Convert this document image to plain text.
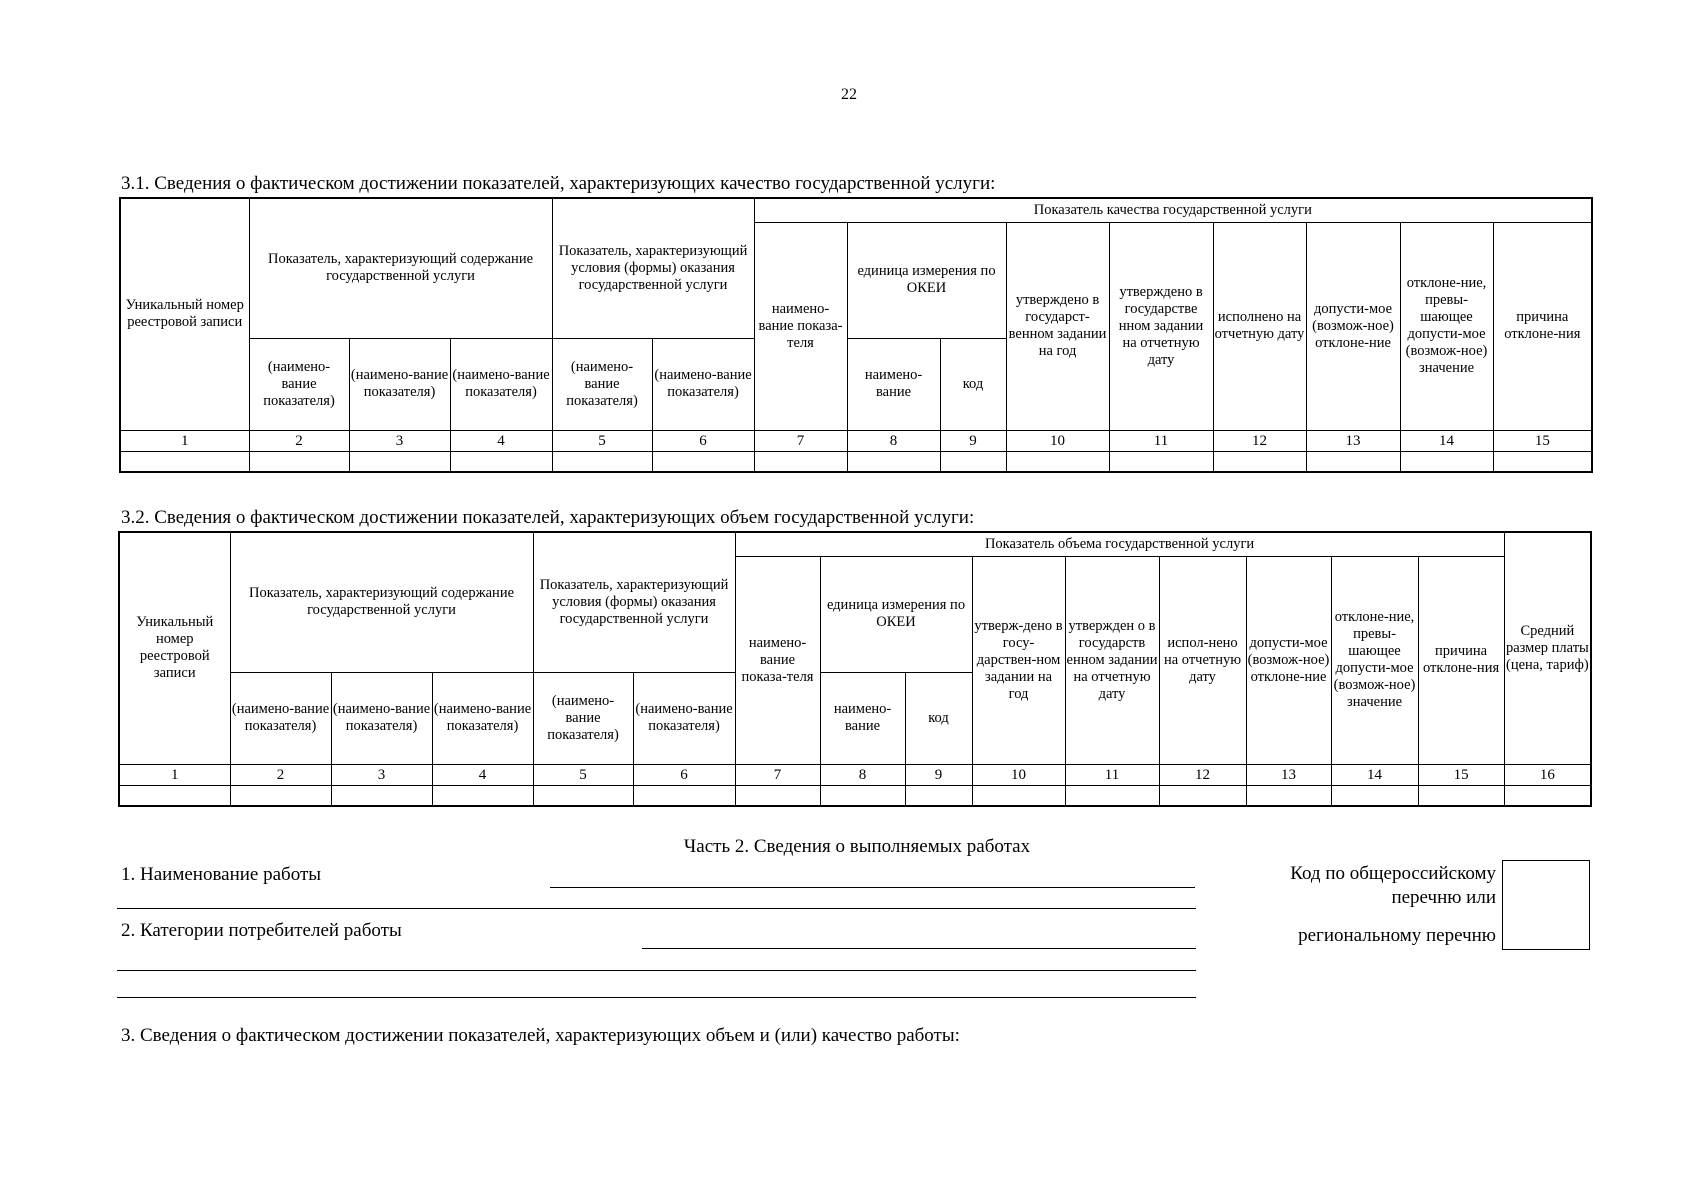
22
3.1. Сведения о фактическом достижении показателей, характеризующих качество государственной услуги:
Уникальный номер реестровой записи	Показатель, характеризующий содержание государственной услуги			Показатель, характеризующий условия (формы) оказания государственной услуги		Показатель качества государственной услуги								
						наимено-вание показа-теля	единица измерения по ОКЕИ		утверждено в государст-венном задании на год	утверждено в государстве нном задании на отчетную дату	исполнено на отчетную дату	допусти-мое (возмож-ное) отклоне-ние	отклоне-ние, превы-шающее допусти-мое (возмож-ное) значение	причина отклоне-ния
	(наимено-вание показателя)	(наимено-вание показателя)	(наимено-вание показателя)	(наимено-вание показателя)	(наимено-вание показателя)		наимено-вание	код						
1	2	3	4	5	6	7	8	9	10	11	12	13	14	15

3.2. Сведения о фактическом достижении показателей, характеризующих объем государственной услуги:
Уникальный номер реестровой записи	Показатель, характеризующий содержание государственной услуги			Показатель, характеризующий условия (формы) оказания государственной услуги		Показатель объема государственной услуги									Средний размер платы (цена, тариф)
						наимено-вание показа-теля	единица измерения по ОКЕИ		утверж-дено в госу-дарствен-ном задании на год	утвержден о в государств енном задании на отчетную дату	испол-нено на отчетную дату	допусти-мое (возмож-ное) отклоне-ние	отклоне-ние, превы-шающее допусти-мое (возмож-ное) значение	причина отклоне-ния	
	(наимено-вание показателя)	(наимено-вание показателя)	(наимено-вание показателя)	(наимено-вание показателя)	(наимено-вание показателя)		наимено-вание	код							
1	2	3	4	5	6	7	8	9	10	11	12	13	14	15	16

Часть 2. Сведения о выполняемых работах
1. Наименование работы
2. Категории потребителей работы
Код по общероссийскому
перечню или
региональному перечню
3. Сведения о фактическом достижении показателей, характеризующих объем и (или) качество работы:
